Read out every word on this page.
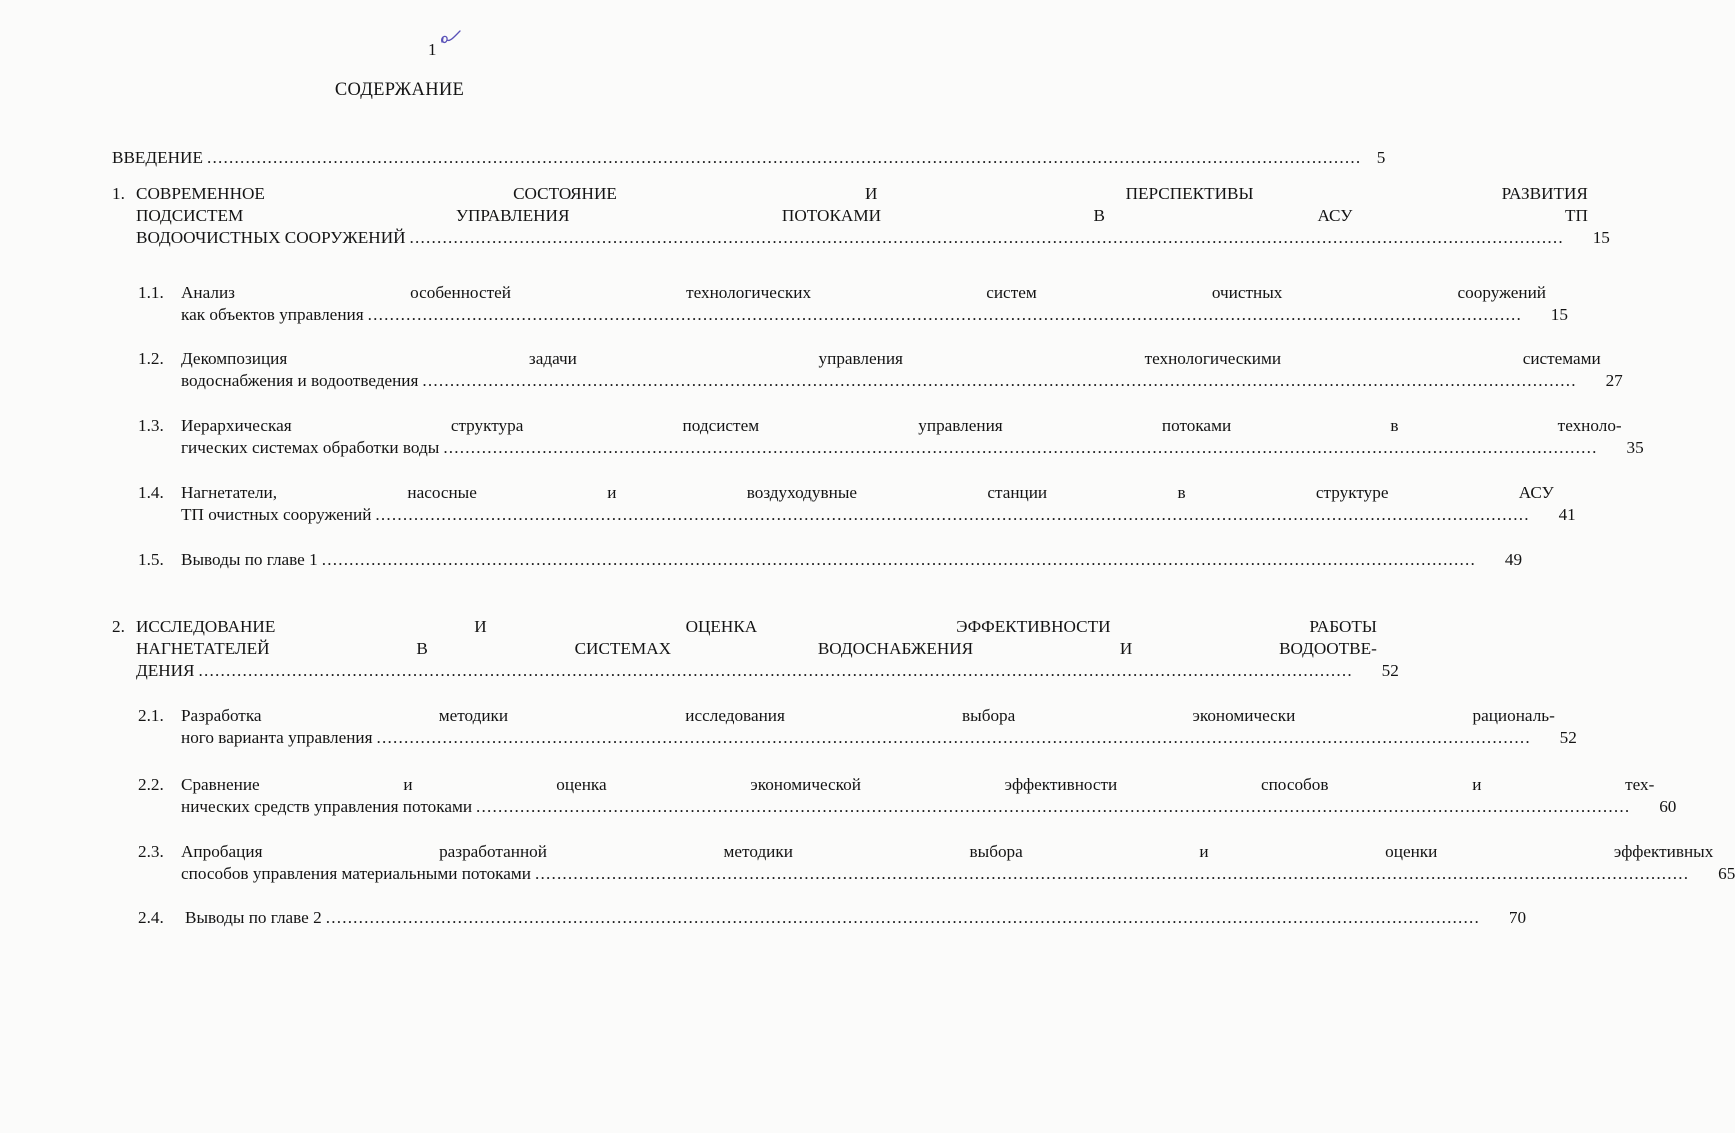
1
СОДЕРЖАНИЕ
ВВЕДЕНИЕ .....	5
1. СОВРЕМЕННОЕ СОСТОЯНИЕ И ПЕРСПЕКТИВЫ РАЗВИТИЯ
ПОДСИСТЕМ УПРАВЛЕНИЯ ПОТОКАМИ В АСУ ТП
ВОДООЧИСТНЫХ СООРУЖЕНИЙ .....	15
1.1.	Анализ особенностей технологических систем очистных сооружений
как объектов управления .....	15
1.2.	Декомпозиция задачи управления технологическими системами
водоснабжения и водоотведения .....	27
1.3.	Иерархическая структура подсистем управления потоками в техноло-
гических системах обработки воды .....	35
1.4.	Нагнетатели, насосные и воздуходувные станции в структуре АСУ
ТП очистных сооружений .....	41
1.5.	Выводы по главе 1 .....	49
2. ИССЛЕДОВАНИЕ И ОЦЕНКА ЭФФЕКТИВНОСТИ РАБОТЫ
НАГНЕТАТЕЛЕЙ В СИСТЕМАХ ВОДОСНАБЖЕНИЯ И ВОДООТВЕ-
ДЕНИЯ .....	52
2.1.	Разработка методики исследования выбора экономически рациональ-
ного варианта управления .....	52
2.2.	Сравнение и оценка экономической эффективности способов и тех-
нических средств управления потоками .....	60
2.3.	Апробация разработанной методики выбора и оценки эффективных
способов управления материальными потоками .....	65
2.4.	Выводы по главе 2 .....	70
